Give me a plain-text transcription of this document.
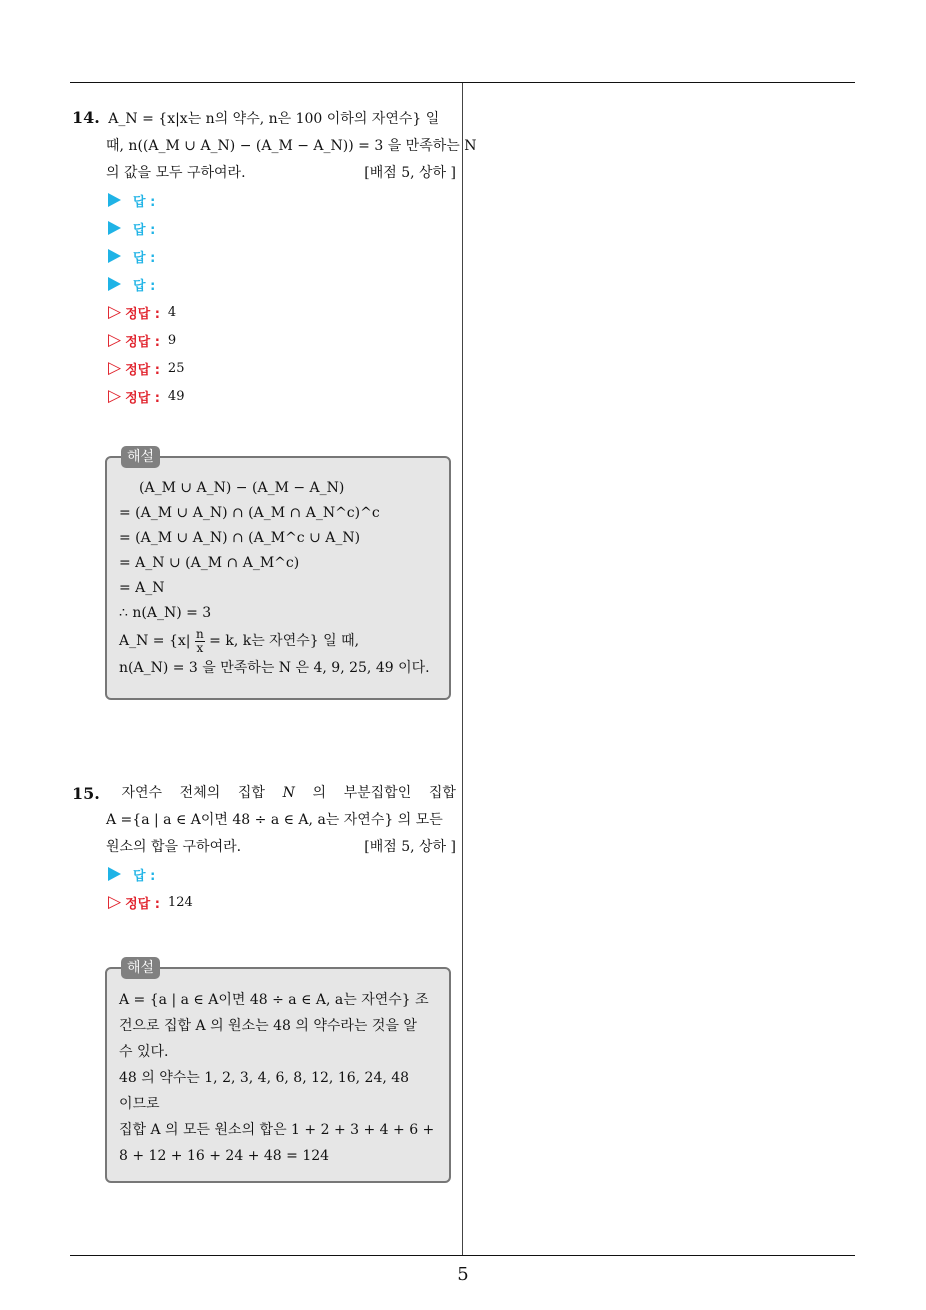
14. A_N = {x|x는 n의 약수, n은 100 이하의 자연수} 일
때, n((A_M ∪ A_N) − (A_M − A_N)) = 3 을 만족하는 N
의 값을 모두 구하여라.	[배점 5, 상하 ]
답 :
답 :
답 :
답 :
▷ 정답 : 4
▷ 정답 : 9
▷ 정답 : 25
▷ 정답 : 49
해설
(A_M ∪ A_N) − (A_M − A_N)
= (A_M ∪ A_N) ∩ (A_M ∩ A_N^c)^c
= (A_M ∪ A_N) ∩ (A_M^c ∪ A_N)
= A_N ∪ (A_M ∩ A_M^c)
= A_N
∴ n(A_N) = 3
A_N = {$x| \frac{n}{x} = k$, k는 자연수} 일 때,
n(A_N) = 3 을 만족하는 N 은 4, 9, 25, 49 이다.
15. 자연수 전체의 집합 N 의 부분집합인 집합
A ={a | a ∈ A이면 48 ÷ a ∈ A, a는 자연수} 의 모든
원소의 합을 구하여라.	[배점 5, 상하 ]
답 :
▷ 정답 : 124
해설
A = {a | a ∈ A이면 48 ÷ a ∈ A, a는 자연수} 조
건으로 집합 A 의 원소는 48 의 약수라는 것을 알
수 있다.
48 의 약수는 1, 2, 3, 4, 6, 8, 12, 16, 24, 48
이므로
집합 A 의 모든 원소의 합은 1 + 2 + 3 + 4 + 6 +
8 + 12 + 16 + 24 + 48 = 124
5
